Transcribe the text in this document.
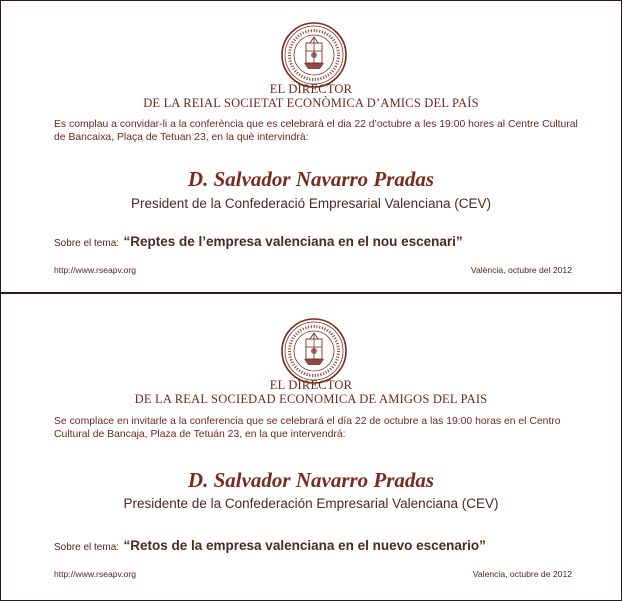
EL DIRECTOR
DE LA REIAL SOCIETAT ECONÒMICA D’AMICS DEL PAÍS
Es complau a convidar-li a la conferència que es celebrarà el dia 22 d’octubre a les 19:00 hores al Centre Cultural de Bancaixa, Plaça de Tetuan 23, en la què intervindrà:
D. Salvador Navarro Pradas
President de la Confederació Empresarial Valenciana (CEV)
Sobre el tema: “Reptes de l’empresa valenciana en el nou escenari”
http://www.rseapv.org	València, octubre del 2012
EL DIRECTOR
DE LA REAL SOCIEDAD ECONOMICA DE AMIGOS DEL PAIS
Se complace en invitarle a la conferencia que se celebrará el día 22 de octubre a las 19:00 horas en el Centro Cultural de Bancaja, Plaza de Tetuán 23, en la que intervendrá:
D. Salvador Navarro Pradas
Presidente de la Confederación Empresarial Valenciana (CEV)
Sobre el tema: “Retos de la empresa valenciana en el nuevo escenario”
http://www.rseapv.org	Valencia, octubre de 2012
